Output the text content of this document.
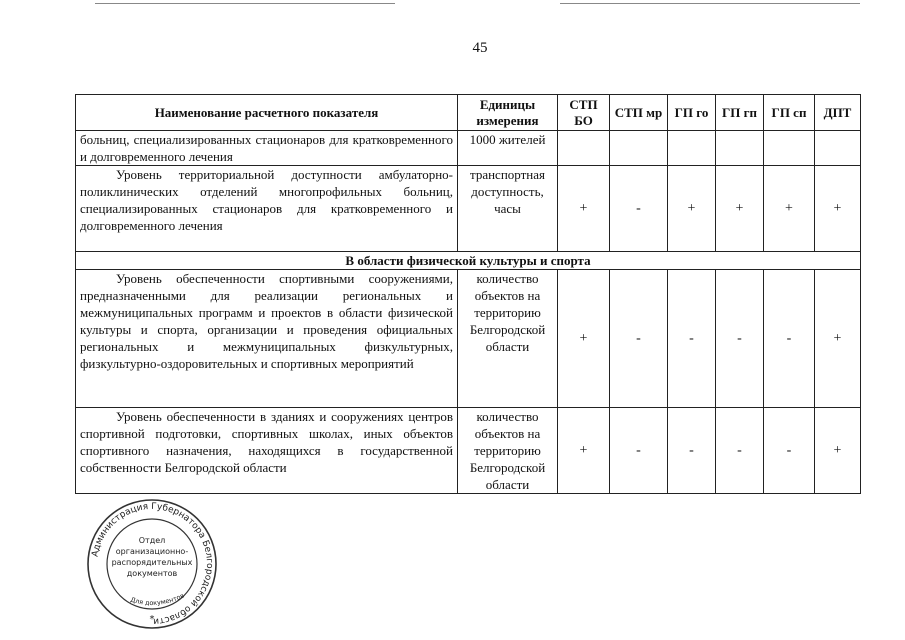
45
Наименование расчетного показателя	Единицы измерения	СТП БО	СТП мр	ГП го	ГП гп	ГП сп	ДПТ
больниц, специализированных стационаров для кратковременного и долговременного лечения	1000 жителей						
Уровень территориальной доступности амбулаторно-поликлинических отделений многопрофильных больниц, специализированных стационаров для кратковременного и долговременного лечения	транспортная доступность, часы	+	-	+	+	+	+
В области физической культуры и спорта							
Уровень обеспеченности спортивными сооружениями, предназначенными для реализации региональных и межмуниципальных программ и проектов в области физической культуры и спорта, организации и проведения официальных региональных и межмуниципальных физкультурных, физкультурно-оздоровительных и спортивных мероприятий	количество объектов на территорию Белгородской области	+	-	-	-	-	+
Уровень обеспеченности в зданиях и сооружениях центров спортивной подготовки, спортивных школах, иных объектов спортивного назначения, находящихся в государственной собственности Белгородской области	количество объектов на территорию Белгородской области	+	-	-	-	-	+
Администрация Губернатора Белгородской области
Отдел
организационно-
распорядительных
документов
Для документов
*
